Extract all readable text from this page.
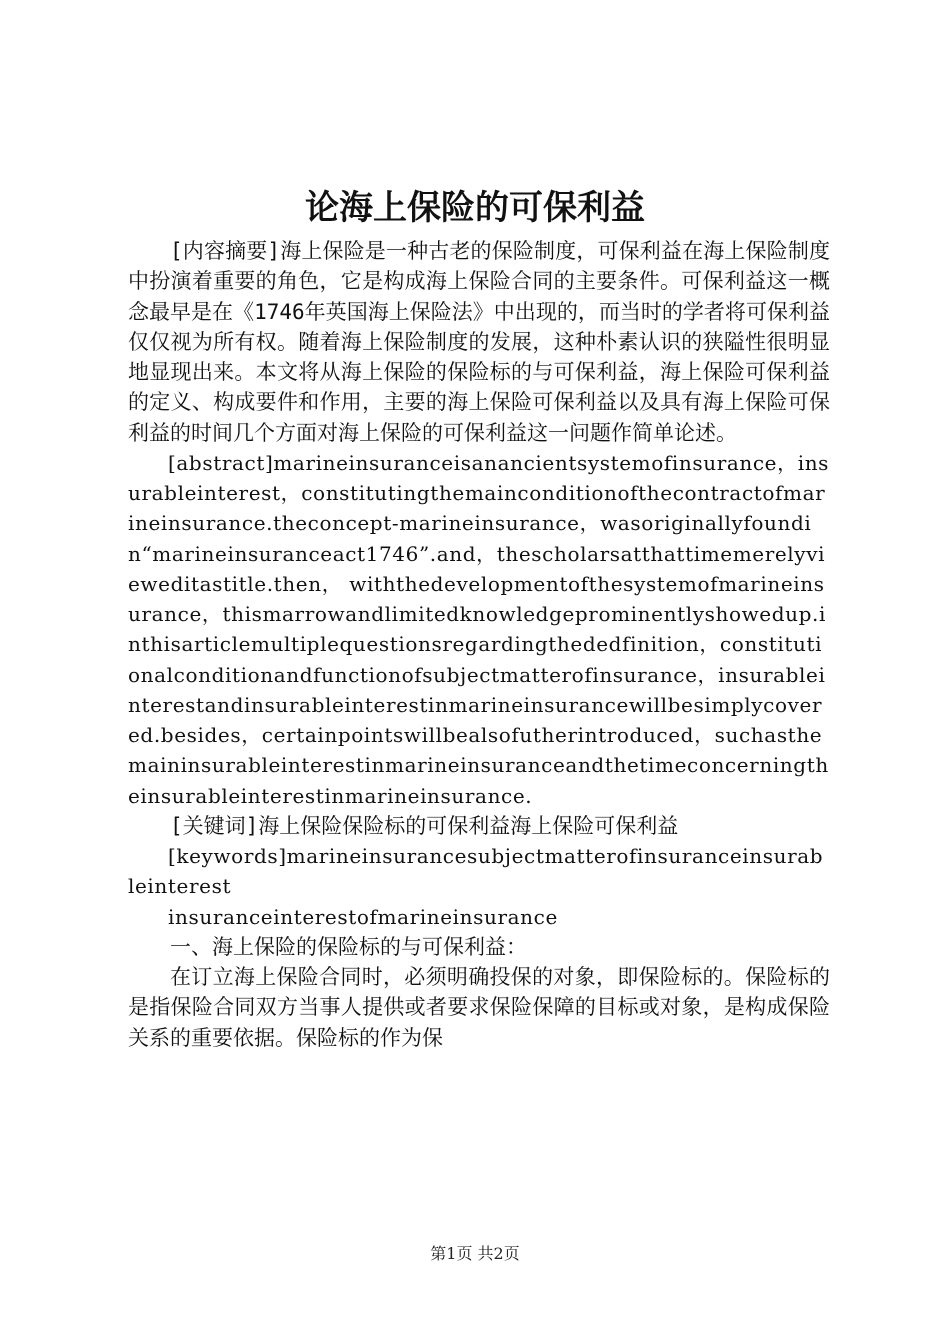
论海上保险的可保利益

[内容摘要]海上保险是一种古老的保险制度，可保利益在海上保险制度中扮演着重要的角色，它是构成海上保险合同的主要条件。可保利益这一概念最早是在《1746年英国海上保险法》中出现的，而当时的学者将可保利益仅仅视为所有权。随着海上保险制度的发展，这种朴素认识的狭隘性很明显地显现出来。本文将从海上保险的保险标的与可保利益，海上保险可保利益的定义、构成要件和作用，主要的海上保险可保利益以及具有海上保险可保利益的时间几个方面对海上保险的可保利益这一问题作简单论述。

[abstract]marineinsuranceisanancientsystemofinsurance，insurableinterest，constitutingthemainconditionofthecontractofmarineinsurance.theconcept-marineinsurance，wasoriginallyfoundin“marineinsuranceact1746”.and，thescholarsatthattimemerelyvieweditastitle.then， withthedevelopmentofthesystemofmarineinsurance，thismarrowandlimitedknowledgeprominentlyshowedup.inthisarticlemultiplequestionsregardingthededfinition，constitutionalconditionandfunctionofsubjectmatterofinsurance，insurableinterestandinsurableinterestinmarineinsurancewillbesimplycovered.besides，certainpointswillbealsofutherintroduced，suchasthemaininsurableinterestinmarineinsuranceandthetimeconcerningtheinsurableinterestinmarineinsurance.

[关键词]海上保险保险标的可保利益海上保险可保利益

[keywords]marineinsurancesubjectmatterofinsuranceinsurableinterest

insuranceinterestofmarineinsurance

一、海上保险的保险标的与可保利益：

在订立海上保险合同时，必须明确投保的对象，即保险标的。保险标的是指保险合同双方当事人提供或者要求保险保障的目标或对象，是构成保险关系的重要依据。保险标的作为保

第1页 共2页
